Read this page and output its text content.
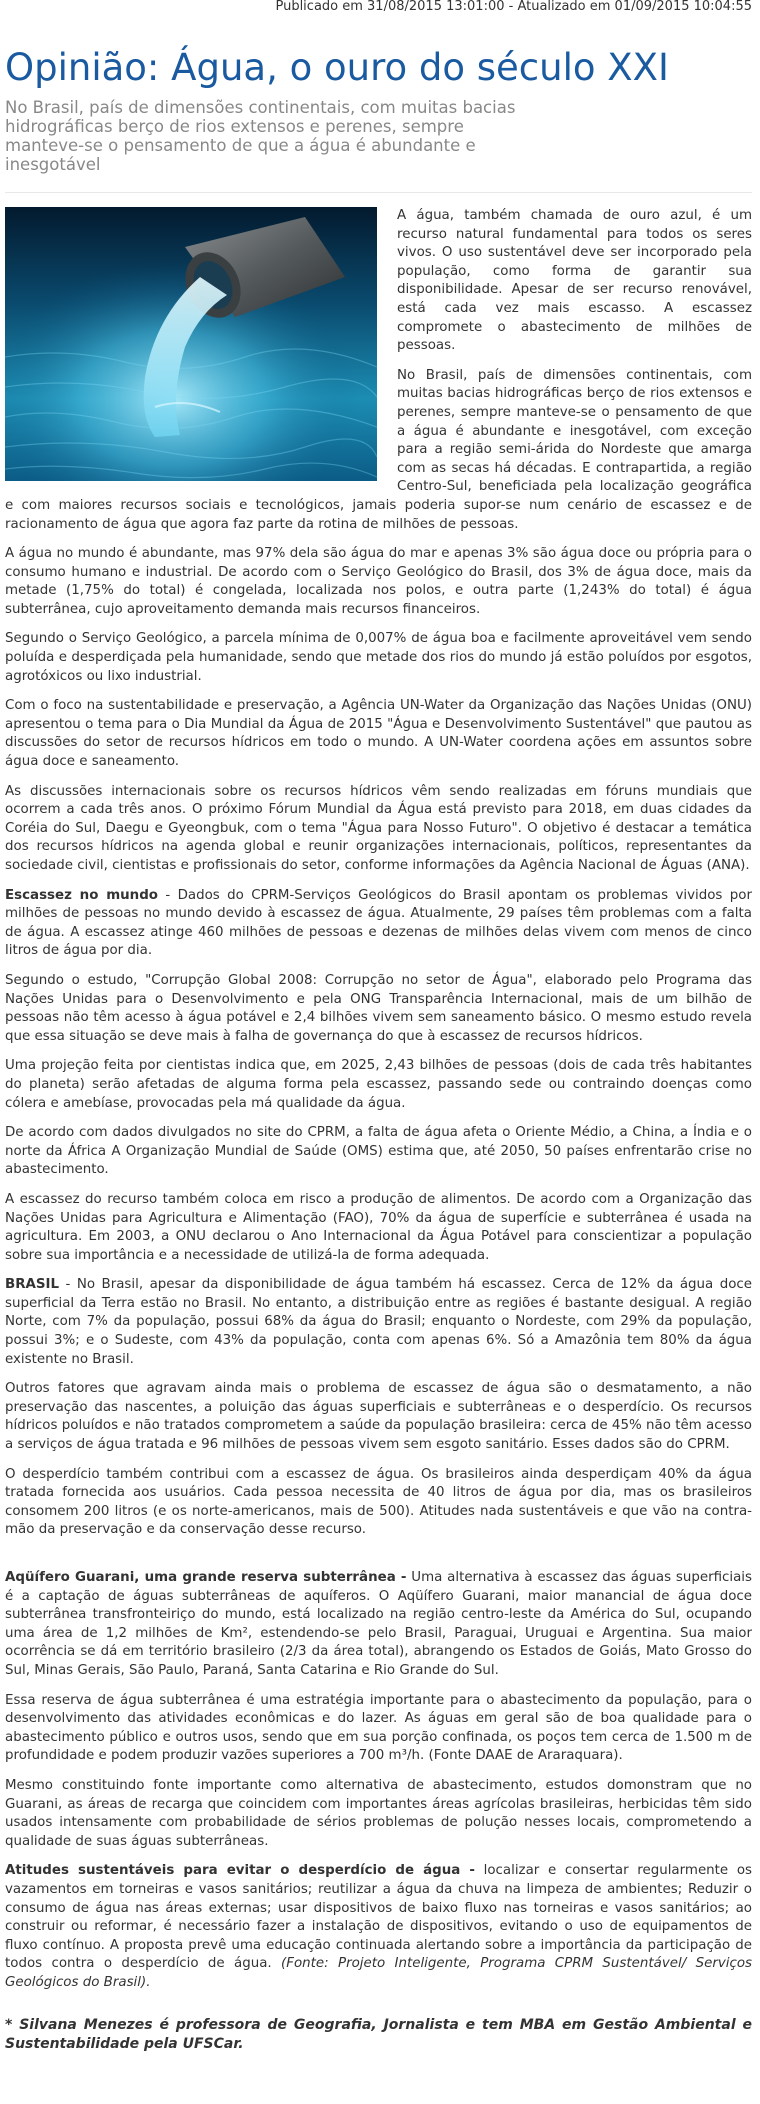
Publicado em 31/08/2015 13:01:00 - Atualizado em 01/09/2015 10:04:55
Opinião: Água, o ouro do século XXI

No Brasil, país de dimensões continentais, com muitas bacias hidrográficas berço de rios extensos e perenes, sempre manteve-se o pensamento de que a água é abundante e inesgotável

A água, também chamada de ouro azul, é um recurso natural fundamental para todos os seres vivos. O uso sustentável deve ser incorporado pela população, como forma de garantir sua disponibilidade. Apesar de ser recurso renovável, está cada vez mais escasso. A escassez compromete o abastecimento de milhões de pessoas.

No Brasil, país de dimensões continentais, com muitas bacias hidrográficas berço de rios extensos e perenes, sempre manteve-se o pensamento de que a água é abundante e inesgotável, com exceção para a região semi-árida do Nordeste que amarga com as secas há décadas. E contrapartida, a região Centro-Sul, beneficiada pela localização geográfica e com maiores recursos sociais e tecnológicos, jamais poderia supor-se num cenário de escassez e de racionamento de água que agora faz parte da rotina de milhões de pessoas.

A água no mundo é abundante, mas 97% dela são água do mar e apenas 3% são água doce ou própria para o consumo humano e industrial. De acordo com o Serviço Geológico do Brasil, dos 3% de água doce, mais da metade (1,75% do total) é congelada, localizada nos polos, e outra parte (1,243% do total) é água subterrânea, cujo aproveitamento demanda mais recursos financeiros.

Segundo o Serviço Geológico, a parcela mínima de 0,007% de água boa e facilmente aproveitável vem sendo poluída e desperdiçada pela humanidade, sendo que metade dos rios do mundo já estão poluídos por esgotos, agrotóxicos ou lixo industrial.

Com o foco na sustentabilidade e preservação, a Agência UN-Water da Organização das Nações Unidas (ONU) apresentou o tema para o Dia Mundial da Água de 2015 "Água e Desenvolvimento Sustentável" que pautou as discussões do setor de recursos hídricos em todo o mundo. A UN-Water coordena ações em assuntos sobre água doce e saneamento.

As discussões internacionais sobre os recursos hídricos vêm sendo realizadas em fóruns mundiais que ocorrem a cada três anos. O próximo Fórum Mundial da Água está previsto para 2018, em duas cidades da Coréia do Sul, Daegu e Gyeongbuk, com o tema "Água para Nosso Futuro". O objetivo é destacar a temática dos recursos hídricos na agenda global e reunir organizações internacionais, políticos, representantes da sociedade civil, cientistas e profissionais do setor, conforme informações da Agência Nacional de Águas (ANA).

Escassez no mundo - Dados do CPRM-Serviços Geológicos do Brasil apontam os problemas vividos por milhões de pessoas no mundo devido à escassez de água. Atualmente, 29 países têm problemas com a falta de água. A escassez atinge 460 milhões de pessoas e dezenas de milhões delas vivem com menos de cinco litros de água por dia.

Segundo o estudo, "Corrupção Global 2008: Corrupção no setor de Água", elaborado pelo Programa das Nações Unidas para o Desenvolvimento e pela ONG Transparência Internacional, mais de um bilhão de pessoas não têm acesso à água potável e 2,4 bilhões vivem sem saneamento básico. O mesmo estudo revela que essa situação se deve mais à falha de governança do que à escassez de recursos hídricos.

Uma projeção feita por cientistas indica que, em 2025, 2,43 bilhões de pessoas (dois de cada três habitantes do planeta) serão afetadas de alguma forma pela escassez, passando sede ou contraindo doenças como cólera e amebíase, provocadas pela má qualidade da água.

De acordo com dados divulgados no site do CPRM, a falta de água afeta o Oriente Médio, a China, a Índia e o norte da África A Organização Mundial de Saúde (OMS) estima que, até 2050, 50 países enfrentarão crise no abastecimento.

A escassez do recurso também coloca em risco a produção de alimentos. De acordo com a Organização das Nações Unidas para Agricultura e Alimentação (FAO), 70% da água de superfície e subterrânea é usada na agricultura. Em 2003, a ONU declarou o Ano Internacional da Água Potável para conscientizar a população sobre sua importância e a necessidade de utilizá-la de forma adequada.

BRASIL - No Brasil, apesar da disponibilidade de água também há escassez. Cerca de 12% da água doce superficial da Terra estão no Brasil. No entanto, a distribuição entre as regiões é bastante desigual. A região Norte, com 7% da população, possui 68% da água do Brasil; enquanto o Nordeste, com 29% da população, possui 3%; e o Sudeste, com 43% da população, conta com apenas 6%. Só a Amazônia tem 80% da água existente no Brasil.

Outros fatores que agravam ainda mais o problema de escassez de água são o desmatamento, a não preservação das nascentes, a poluição das águas superficiais e subterrâneas e o desperdício. Os recursos hídricos poluídos e não tratados comprometem a saúde da população brasileira: cerca de 45% não têm acesso a serviços de água tratada e 96 milhões de pessoas vivem sem esgoto sanitário. Esses dados são do CPRM.

O desperdício também contribui com a escassez de água. Os brasileiros ainda desperdiçam 40% da água tratada fornecida aos usuários. Cada pessoa necessita de 40 litros de água por dia, mas os brasileiros consomem 200 litros (e os norte-americanos, mais de 500). Atitudes nada sustentáveis e que vão na contra-mão da preservação e da conservação desse recurso.

Aqüífero Guarani, uma grande reserva subterrânea - Uma alternativa à escassez das águas superficiais é a captação de águas subterrâneas de aquíferos. O Aqüífero Guarani, maior manancial de água doce subterrânea transfronteiriço do mundo, está localizado na região centro-leste da América do Sul, ocupando uma área de 1,2 milhões de Km², estendendo-se pelo Brasil, Paraguai, Uruguai e Argentina. Sua maior ocorrência se dá em território brasileiro (2/3 da área total), abrangendo os Estados de Goiás, Mato Grosso do Sul, Minas Gerais, São Paulo, Paraná, Santa Catarina e Rio Grande do Sul.

Essa reserva de água subterrânea é uma estratégia importante para o abastecimento da população, para o desenvolvimento das atividades econômicas e do lazer. As águas em geral são de boa qualidade para o abastecimento público e outros usos, sendo que em sua porção confinada, os poços tem cerca de 1.500 m de profundidade e podem produzir vazões superiores a 700 m³/h. (Fonte DAAE de Araraquara).

Mesmo constituindo fonte importante como alternativa de abastecimento, estudos domonstram que no Guarani, as áreas de recarga que coincidem com importantes áreas agrícolas brasileiras, herbicidas têm sido usados intensamente com probabilidade de sérios problemas de polução nesses locais, comprometendo a qualidade de suas águas subterrâneas.

Atitudes sustentáveis para evitar o desperdício de água - localizar e consertar regularmente os vazamentos em torneiras e vasos sanitários; reutilizar a água da chuva na limpeza de ambientes; Reduzir o consumo de água nas áreas externas; usar dispositivos de baixo fluxo nas torneiras e vasos sanitários; ao construir ou reformar, é necessário fazer a instalação de dispositivos, evitando o uso de equipamentos de fluxo contínuo. A proposta prevê uma educação continuada alertando sobre a importância da participação de todos contra o desperdício de água. (Fonte: Projeto Inteligente, Programa CPRM Sustentável/ Serviços Geológicos do Brasil).

* Silvana Menezes é professora de Geografia, Jornalista e tem MBA em Gestão Ambiental e Sustentabilidade pela UFSCar.
